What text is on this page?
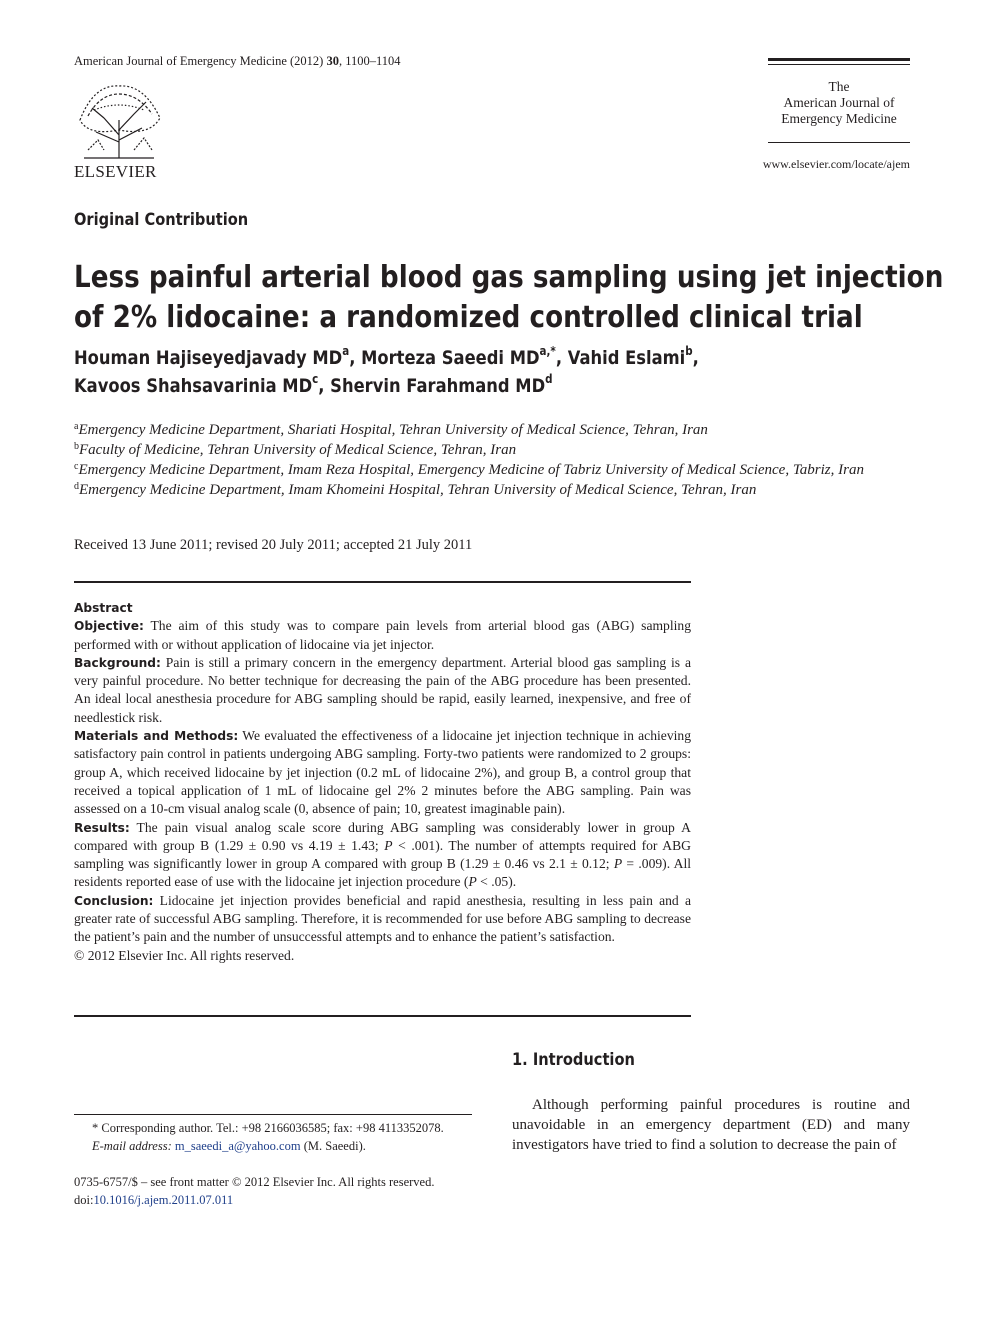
American Journal of Emergency Medicine (2012) 30, 1100–1104
ELSEVIER
The
American Journal of
Emergency Medicine
www.elsevier.com/locate/ajem
Original Contribution
Less painful arterial blood gas sampling using jet injection
of 2% lidocaine: a randomized controlled clinical trial
Houman Hajiseyedjavady $MD^a$, Morteza Saeedi $MD^{a,*}$, Vahid Eslami$^b$,
Kavoos Shahsavarinia $MD^c$, Shervin Farahmand $MD^d$
$^a$Emergency Medicine Department, Shariati Hospital, Tehran University of Medical Science, Tehran, Iran
$^b$Faculty of Medicine, Tehran University of Medical Science, Tehran, Iran
$^c$Emergency Medicine Department, Imam Reza Hospital, Emergency Medicine of Tabriz University of Medical Science, Tabriz, Iran
$^d$Emergency Medicine Department, Imam Khomeini Hospital, Tehran University of Medical Science, Tehran, Iran
Received 13 June 2011; revised 20 July 2011; accepted 21 July 2011

Abstract

Objective: The aim of this study was to compare pain levels from arterial blood gas (ABG) sampling performed with or without application of lidocaine via jet injector.

Background: Pain is still a primary concern in the emergency department. Arterial blood gas sampling is a very painful procedure. No better technique for decreasing the pain of the ABG procedure has been presented. An ideal local anesthesia procedure for ABG sampling should be rapid, easily learned, inexpensive, and free of needlestick risk.

Materials and Methods: We evaluated the effectiveness of a lidocaine jet injection technique in achieving satisfactory pain control in patients undergoing ABG sampling. Forty-two patients were randomized to 2 groups: group A, which received lidocaine by jet injection (0.2 mL of lidocaine 2%), and group B, a control group that received a topical application of 1 mL of lidocaine gel 2% 2 minutes before the ABG sampling. Pain was assessed on a 10-cm visual analog scale (0, absence of pain; 10, greatest imaginable pain).

Results: The pain visual analog scale score during ABG sampling was considerably lower in group A compared with group B (1.29 ± 0.90 vs 4.19 ± 1.43; P < .001). The number of attempts required for ABG sampling was significantly lower in group A compared with group B (1.29 ± 0.46 vs 2.1 ± 0.12; P = .009). All residents reported ease of use with the lidocaine jet injection procedure (P < .05).

Conclusion: Lidocaine jet injection provides beneficial and rapid anesthesia, resulting in less pain and a greater rate of successful ABG sampling. Therefore, it is recommended for use before ABG sampling to decrease the patient’s pain and the number of unsuccessful attempts and to enhance the patient’s satisfaction.

© 2012 Elsevier Inc. All rights reserved.

1. Introduction

Although performing painful procedures is routine and unavoidable in an emergency department (ED) and many investigators have tried to find a solution to decrease the pain of

* Corresponding author. Tel.: +98 2166036585; fax: +98 4113352078.
E-mail address: m_saeedi_a@yahoo.com (M. Saeedi).
0735-6757/$ – see front matter © 2012 Elsevier Inc. All rights reserved.
doi:10.1016/j.ajem.2011.07.011
